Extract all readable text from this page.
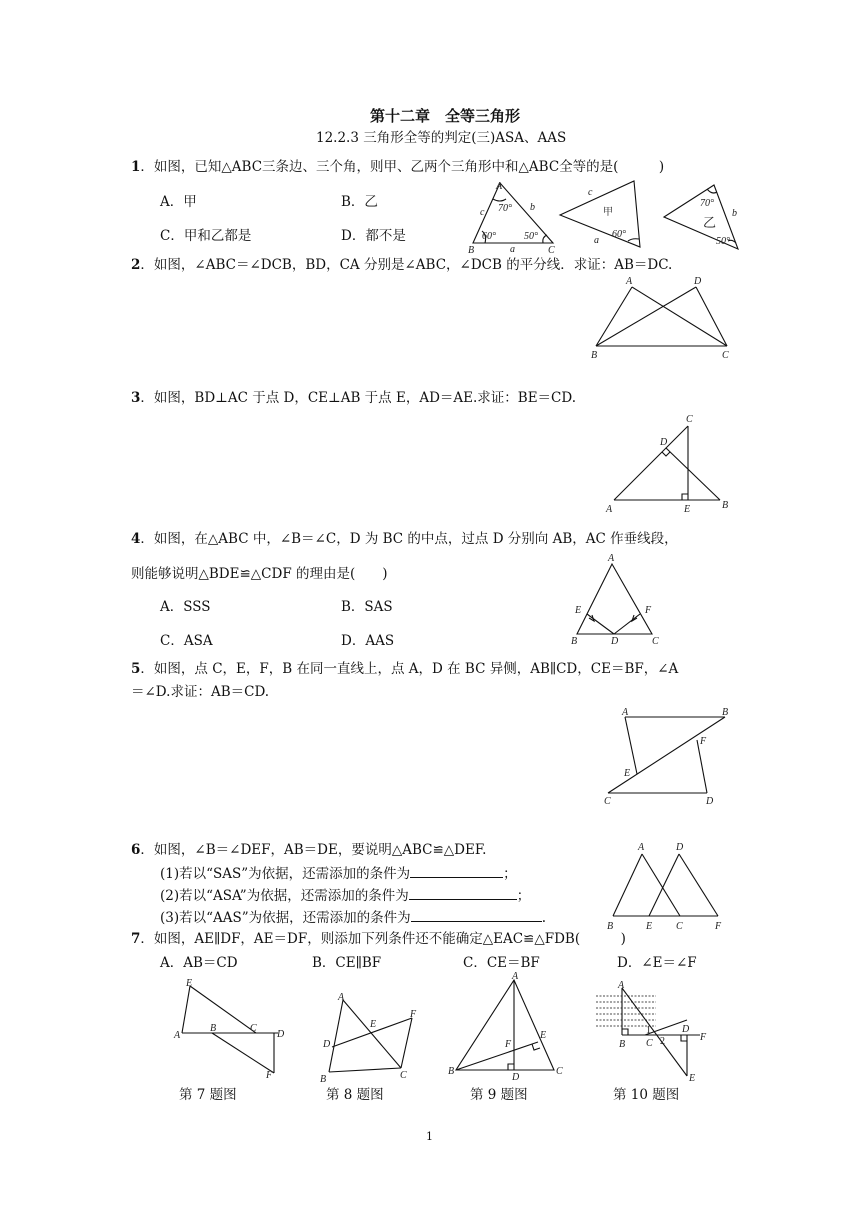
第十二章　全等三角形
12.2.3 三角形全等的判定(三)ASA、AAS
1．如图，已知△ABC三条边、三个角，则甲、乙两个三角形中和△ABC全等的是(　　　)
A．甲	B．乙
C．甲和乙都是	D．都不是
A
B	C
a
b
c 70°
60°	50°
c
a
甲
60°
b
乙
70°
50°
2．如图，∠ABC＝∠DCB，BD，CA 分别是∠ABC，∠DCB 的平分线．求证：AB＝DC.
A	D
B	C
3．如图，BD⊥AC 于点 D，CE⊥AB 于点 E，AD＝AE.求证：BE＝CD.
C
D
A	E	B
4．如图，在△ABC 中，∠B＝∠C，D 为 BC 的中点，过点 D 分别向 AB，AC 作垂线段，
则能够说明△BDE≌△CDF 的理由是(　　)
A．SSS	B．SAS
C．ASA	D．AAS
A
E	F
B	D	C
5．如图，点 C，E，F，B 在同一直线上，点 A，D 在 BC 异侧，AB∥CD，CE＝BF，∠A
＝∠D.求证：AB＝CD.
A	B
E
F
C	D
6．如图，∠B＝∠DEF，AB＝DE，要说明△ABC≌△DEF.
(1)若以“SAS”为依据，还需添加的条件为	；
(2)若以“ASA”为依据，还需添加的条件为	；
(3)若以“AAS”为依据，还需添加的条件为	.
A	D
B	E C	F
7．如图，AE∥DF，AE＝DF，则添加下列条件还不能确定△EAC≌△FDB(　　　)
A．AB＝CD	B．CE∥BF	C．CE＝BF	D．∠E＝∠F
E
A
B	C
D
F
第 7 题图
A
E
F
D
B	C
第 8 题图
A
E
F
B
D
C
第 9 题图
A
B C
D
F
E
1
2
第 10 题图
1
